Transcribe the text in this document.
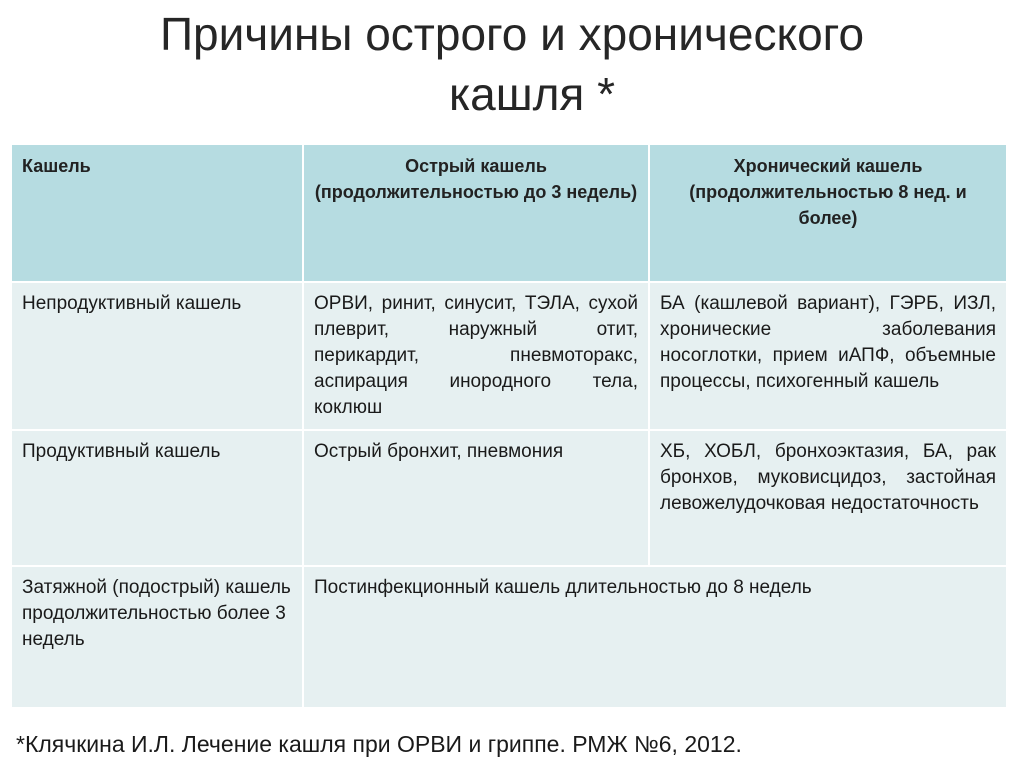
Причины острого и хронического
кашля *
Кашель	Острый кашель (продолжительностью до 3 недель)	Хронический кашель (продолжительностью 8 нед. и более)
Непродуктивный кашель	ОРВИ, ринит, синусит, ТЭЛА, сухой плеврит, наружный отит, перикардит, пневмоторакс, аспирация инородного тела, коклюш	БА (кашлевой вариант), ГЭРБ, ИЗЛ, хронические заболевания носоглотки, прием иАПФ, объемные процессы, психогенный кашель
Продуктивный кашель	Острый бронхит, пневмония	ХБ, ХОБЛ, бронхоэктазия, БА, рак бронхов, муковисцидоз, застойная левожелудочковая недостаточность
Затяжной (подострый) кашель продолжительностью более 3 недель	Постинфекционный кашель длительностью до 8 недель	
*Клячкина И.Л. Лечение кашля при ОРВИ и гриппе. РМЖ №6, 2012.
